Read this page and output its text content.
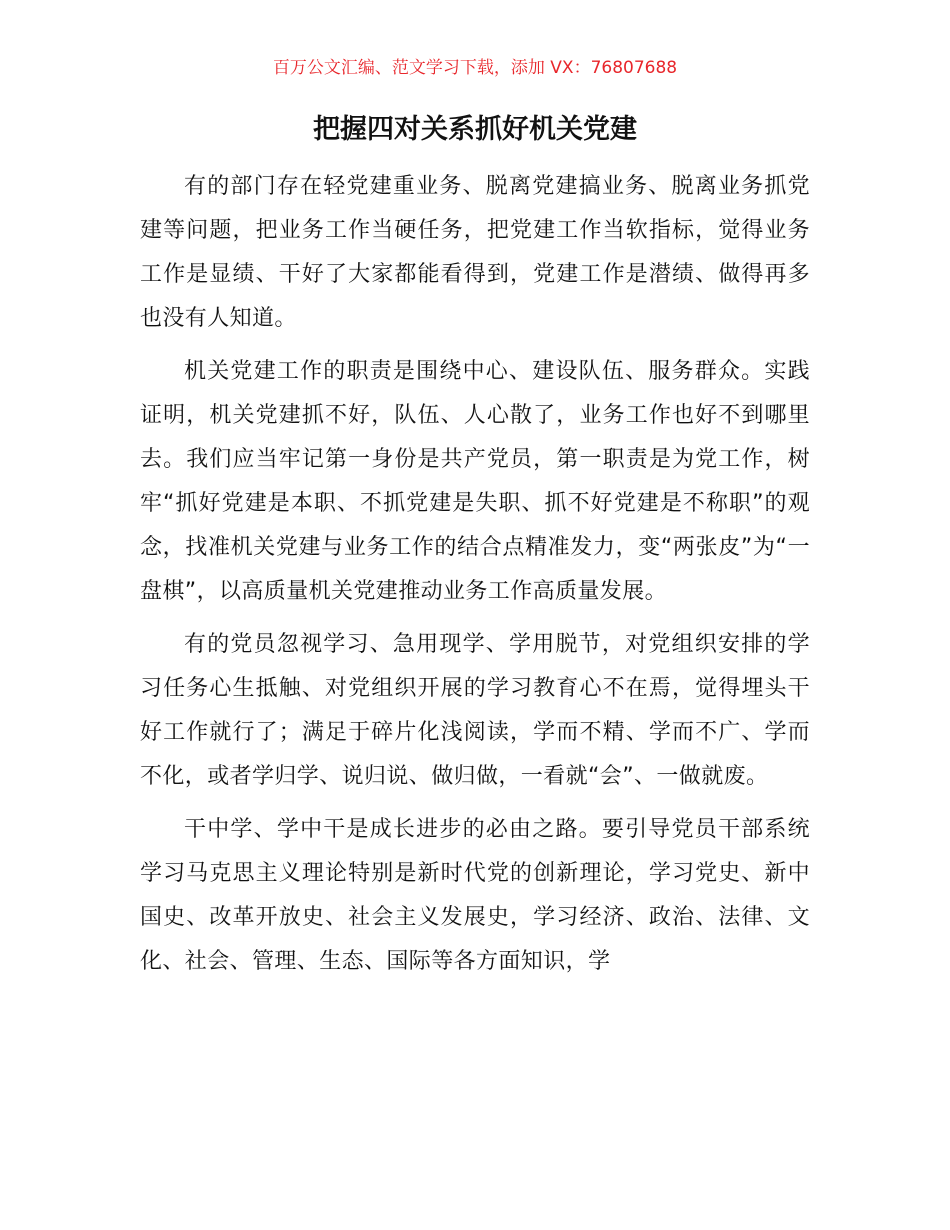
百万公文汇编、范文学习下载，添加 VX：76807688
把握四对关系抓好机关党建

有的部门存在轻党建重业务、脱离党建搞业务、脱离业务抓党建等问题，把业务工作当硬任务，把党建工作当软指标，觉得业务工作是显绩、干好了大家都能看得到，党建工作是潜绩、做得再多也没有人知道。

机关党建工作的职责是围绕中心、建设队伍、服务群众。实践证明，机关党建抓不好，队伍、人心散了，业务工作也好不到哪里去。我们应当牢记第一身份是共产党员，第一职责是为党工作，树牢“抓好党建是本职、不抓党建是失职、抓不好党建是不称职”的观念，找准机关党建与业务工作的结合点精准发力，变“两张皮”为“一盘棋”，以高质量机关党建推动业务工作高质量发展。

有的党员忽视学习、急用现学、学用脱节，对党组织安排的学习任务心生抵触、对党组织开展的学习教育心不在焉，觉得埋头干好工作就行了；满足于碎片化浅阅读，学而不精、学而不广、学而不化，或者学归学、说归说、做归做，一看就“会”、一做就废。

干中学、学中干是成长进步的必由之路。要引导党员干部系统学习马克思主义理论特别是新时代党的创新理论，学习党史、新中国史、改革开放史、社会主义发展史，学习经济、政治、法律、文化、社会、管理、生态、国际等各方面知识，学
